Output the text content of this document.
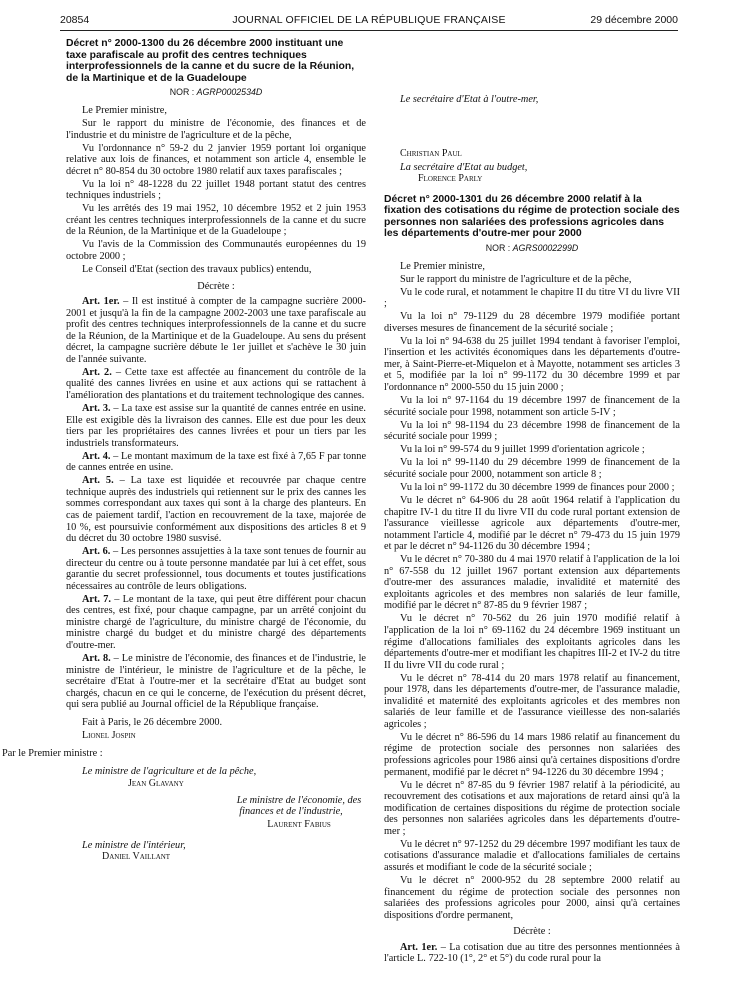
20854	JOURNAL OFFICIEL DE LA RÉPUBLIQUE FRANÇAISE	29 décembre 2000
Décret n° 2000-1300 du 26 décembre 2000 instituant une taxe parafiscale au profit des centres techniques interprofessionnels de la canne et du sucre de la Réunion, de la Martinique et de la Guadeloupe
NOR : AGRP0002534D

Le Premier ministre,

Sur le rapport du ministre de l'économie, des finances et de l'industrie et du ministre de l'agriculture et de la pêche,

Vu l'ordonnance n° 59-2 du 2 janvier 1959 portant loi organique relative aux lois de finances, et notamment son article 4, ensemble le décret n° 80-854 du 30 octobre 1980 relatif aux taxes parafiscales ;

Vu la loi n° 48-1228 du 22 juillet 1948 portant statut des centres techniques industriels ;

Vu les arrêtés des 19 mai 1952, 10 décembre 1952 et 2 juin 1953 créant les centres techniques interprofessionnels de la canne et du sucre de la Réunion, de la Martinique et de la Guadeloupe ;

Vu l'avis de la Commission des Communautés européennes du 19 octobre 2000 ;

Le Conseil d'Etat (section des travaux publics) entendu,

Décrète :

Art. 1er. – Il est institué à compter de la campagne sucrière 2000-2001 et jusqu'à la fin de la campagne 2002-2003 une taxe parafiscale au profit des centres techniques interprofessionnels de la canne et du sucre de la Réunion, de la Martinique et de la Guadeloupe. Au sens du présent décret, la campagne sucrière débute le 1er juillet et s'achève le 30 juin de l'année suivante.

Art. 2. – Cette taxe est affectée au financement du contrôle de la qualité des cannes livrées en usine et aux actions qui se rattachent à l'amélioration des plantations et du traitement technologique des cannes.

Art. 3. – La taxe est assise sur la quantité de cannes entrée en usine. Elle est exigible dès la livraison des cannes. Elle est due pour les deux tiers par les propriétaires des cannes livrées et pour un tiers par les industriels transformateurs.

Art. 4. – Le montant maximum de la taxe est fixé à 7,65 F par tonne de cannes entrée en usine.

Art. 5. – La taxe est liquidée et recouvrée par chaque centre technique auprès des industriels qui retiennent sur le prix des cannes les sommes correspondant aux taxes qui sont à la charge des planteurs. En cas de paiement tardif, l'action en recouvrement de la taxe, majorée de 10 %, est poursuivie conformément aux dispositions des articles 8 et 9 du décret du 30 octobre 1980 susvisé.

Art. 6. – Les personnes assujetties à la taxe sont tenues de fournir au directeur du centre ou à toute personne mandatée par lui à cet effet, sous garantie du secret professionnel, tous documents et toutes justifications nécessaires au contrôle de leurs obligations.

Art. 7. – Le montant de la taxe, qui peut être différent pour chacun des centres, est fixé, pour chaque campagne, par un arrêté conjoint du ministre chargé de l'agriculture, du ministre chargé de l'économie, du ministre chargé du budget et du ministre chargé des départements d'outre-mer.

Art. 8. – Le ministre de l'économie, des finances et de l'industrie, le ministre de l'intérieur, le ministre de l'agriculture et de la pêche, le secrétaire d'Etat à l'outre-mer et la secrétaire d'Etat au budget sont chargés, chacun en ce qui le concerne, de l'exécution du présent décret, qui sera publié au Journal officiel de la République française.

Fait à Paris, le 26 décembre 2000.

Lionel Jospin

Par le Premier ministre :

Le ministre de l'agriculture et de la pêche,

Jean Glavany

Le ministre de l'économie, des finances et de l'industrie,

Laurent Fabius

Le ministre de l'intérieur,

Daniel Vaillant

Le secrétaire d'Etat à l'outre-mer,

Christian Paul

La secrétaire d'Etat au budget,

Florence Parly

Décret n° 2000-1301 du 26 décembre 2000 relatif à la fixation des cotisations du régime de protection sociale des personnes non salariées des professions agricoles dans les départements d'outre-mer pour 2000
NOR : AGRS0002299D

Le Premier ministre,

Sur le rapport du ministre de l'agriculture et de la pêche,

Vu le code rural, et notamment le chapitre II du titre VI du livre VII ;

Vu la loi n° 79-1129 du 28 décembre 1979 modifiée portant diverses mesures de financement de la sécurité sociale ;

Vu la loi n° 94-638 du 25 juillet 1994 tendant à favoriser l'emploi, l'insertion et les activités économiques dans les départements d'outre-mer, à Saint-Pierre-et-Miquelon et à Mayotte, notamment ses articles 3 et 5, modifiée par la loi n° 99-1172 du 30 décembre 1999 et par l'ordonnance n° 2000-550 du 15 juin 2000 ;

Vu la loi n° 97-1164 du 19 décembre 1997 de financement de la sécurité sociale pour 1998, notamment son article 5-IV ;

Vu la loi n° 98-1194 du 23 décembre 1998 de financement de la sécurité sociale pour 1999 ;

Vu la loi n° 99-574 du 9 juillet 1999 d'orientation agricole ;

Vu la loi n° 99-1140 du 29 décembre 1999 de financement de la sécurité sociale pour 2000, notamment son article 8 ;

Vu la loi n° 99-1172 du 30 décembre 1999 de finances pour 2000 ;

Vu le décret n° 64-906 du 28 août 1964 relatif à l'application du chapitre IV-1 du titre II du livre VII du code rural portant extension de l'assurance vieillesse agricole aux départements d'outre-mer, notamment l'article 4, modifié par le décret n° 79-473 du 15 juin 1979 et par le décret n° 94-1126 du 30 décembre 1994 ;

Vu le décret n° 70-380 du 4 mai 1970 relatif à l'application de la loi n° 67-558 du 12 juillet 1967 portant extension aux départements d'outre-mer des assurances maladie, invalidité et maternité des exploitants agricoles et des membres non salariés de leur famille, modifié par le décret n° 87-85 du 9 février 1987 ;

Vu le décret n° 70-562 du 26 juin 1970 modifié relatif à l'application de la loi n° 69-1162 du 24 décembre 1969 instituant un régime d'allocations familiales des exploitants agricoles dans les départements d'outre-mer et modifiant les chapitres III-2 et IV-2 du titre II du livre VII du code rural ;

Vu le décret n° 78-414 du 20 mars 1978 relatif au financement, pour 1978, dans les départements d'outre-mer, de l'assurance maladie, invalidité et maternité des exploitants agricoles et des membres non salariés de leur famille et de l'assurance vieillesse des non-salariés agricoles ;

Vu le décret n° 86-596 du 14 mars 1986 relatif au financement du régime de protection sociale des personnes non salariées des professions agricoles pour 1986 ainsi qu'à certaines dispositions d'ordre permanent, modifié par le décret n° 94-1226 du 30 décembre 1994 ;

Vu le décret n° 87-85 du 9 février 1987 relatif à la périodicité, au recouvrement des cotisations et aux majorations de retard ainsi qu'à la modification de certaines dispositions du régime de protection sociale des personnes non salariées agricoles dans les départements d'outre-mer ;

Vu le décret n° 97-1252 du 29 décembre 1997 modifiant les taux de cotisations d'assurance maladie et d'allocations familiales de certains assurés et modifiant le code de la sécurité sociale ;

Vu le décret n° 2000-952 du 28 septembre 2000 relatif au financement du régime de protection sociale des personnes non salariées des professions agricoles pour 2000, ainsi qu'à certaines dispositions d'ordre permanent,

Décrète :

Art. 1er. – La cotisation due au titre des personnes mentionnées à l'article L. 722-10 (1°, 2° et 5°) du code rural pour la
